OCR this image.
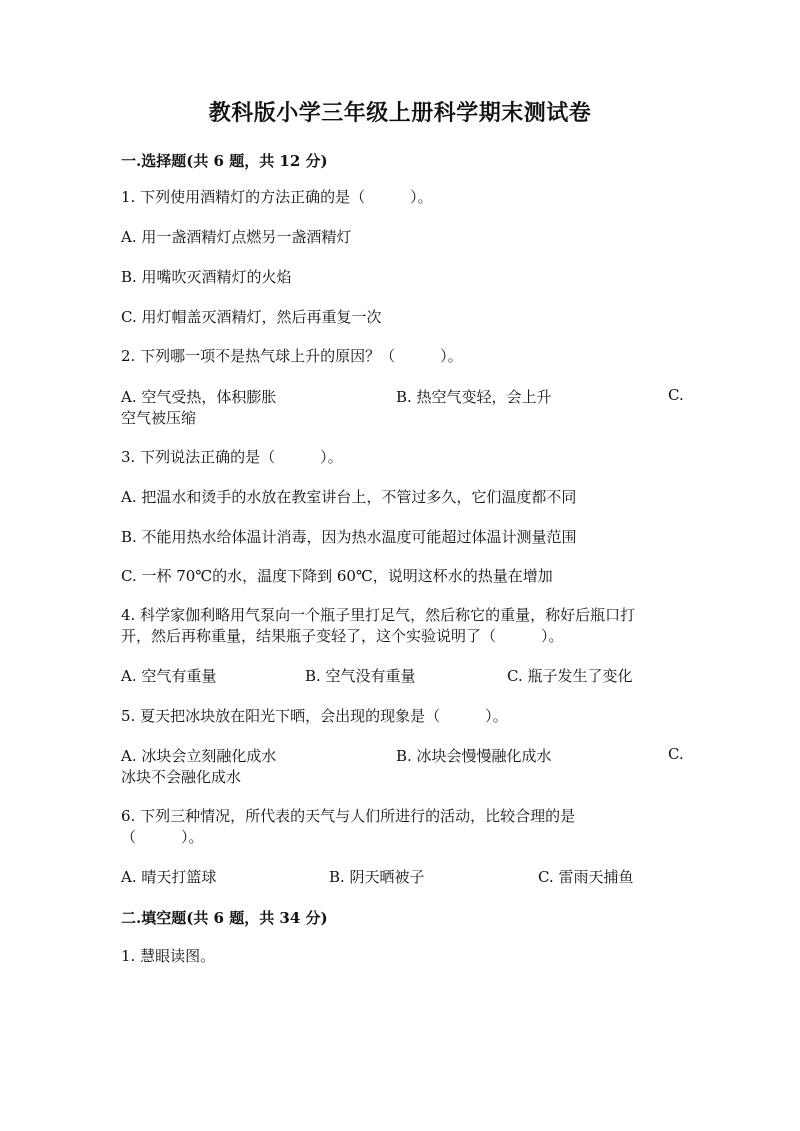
教科版小学三年级上册科学期末测试卷
一.选择题(共 6 题，共 12 分)
1. 下列使用酒精灯的方法正确的是（　　　）。
A. 用一盏酒精灯点燃另一盏酒精灯
B. 用嘴吹灭酒精灯的火焰
C. 用灯帽盖灭酒精灯，然后再重复一次
2. 下列哪一项不是热气球上升的原因？（　　　）。
A. 空气受热，体积膨胀	B. 热空气变轻，会上升	C.
空气被压缩
3. 下列说法正确的是（　　　）。
A. 把温水和烫手的水放在教室讲台上，不管过多久，它们温度都不同
B. 不能用热水给体温计消毒，因为热水温度可能超过体温计测量范围
C. 一杯 70℃的水，温度下降到 60℃，说明这杯水的热量在增加
4. 科学家伽利略用气泵向一个瓶子里打足气，然后称它的重量，称好后瓶口打
开，然后再称重量，结果瓶子变轻了，这个实验说明了（　　　）。
A. 空气有重量	B. 空气没有重量	C. 瓶子发生了变化
5. 夏天把冰块放在阳光下晒，会出现的现象是（　　　）。
A. 冰块会立刻融化成水	B. 冰块会慢慢融化成水	C.
冰块不会融化成水
6. 下列三种情况，所代表的天气与人们所进行的活动，比较合理的是
（　　　）。
A. 晴天打篮球	B. 阴天晒被子	C. 雷雨天捕鱼
二.填空题(共 6 题，共 34 分)
1. 慧眼读图。
